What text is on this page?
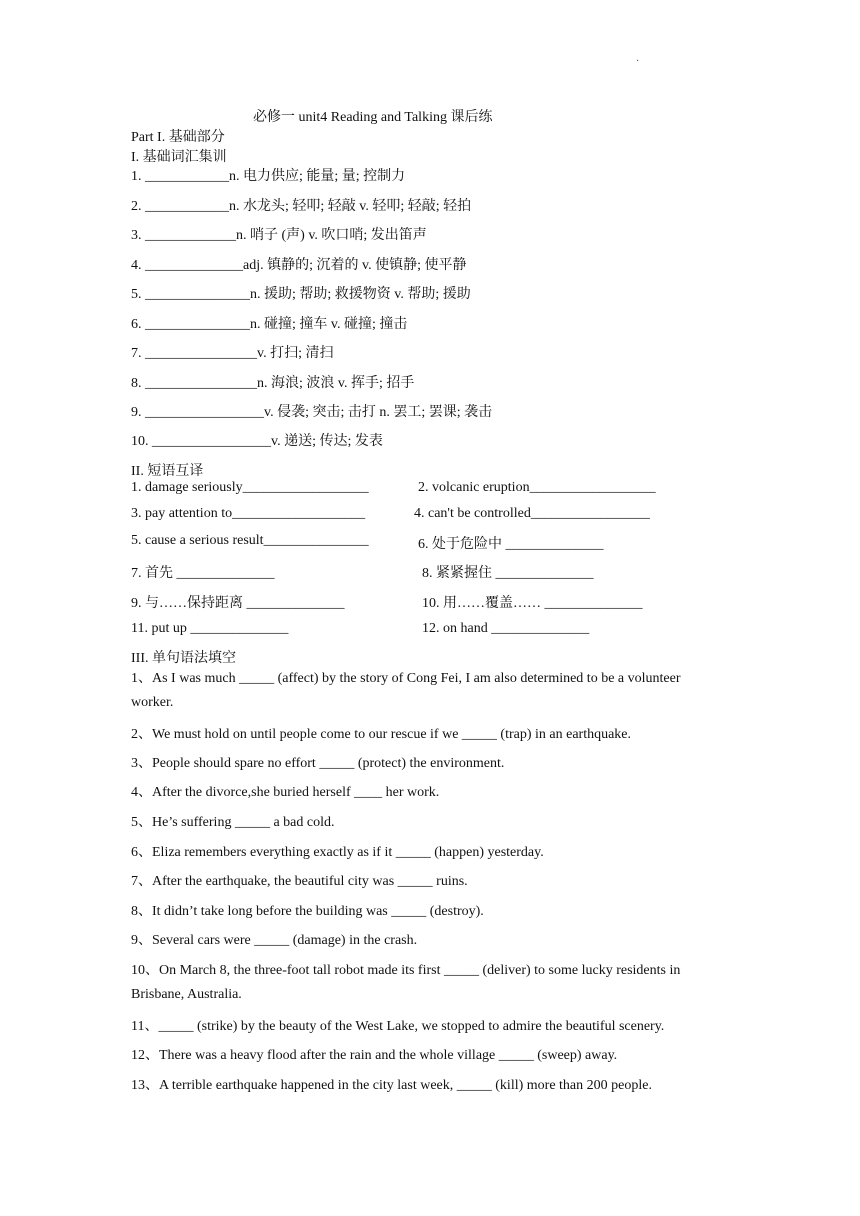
·
必修一 unit4 Reading and Talking 课后练
Part I. 基础部分
I. 基础词汇集训
1. ____________n. 电力供应; 能量; 量; 控制力
2. ____________n. 水龙头; 轻叩; 轻敲 v. 轻叩; 轻敲; 轻拍
3. _____________n. 哨子 (声) v. 吹口哨; 发出笛声
4. ______________adj. 镇静的; 沉着的 v. 使镇静; 使平静
5. _______________n. 援助; 帮助; 救援物资 v. 帮助; 援助
6. _______________n. 碰撞; 撞车 v. 碰撞; 撞击
7. ________________v. 打扫; 清扫
8. ________________n. 海浪; 波浪 v. 挥手; 招手
9. _________________v. 侵袭; 突击; 击打 n. 罢工; 罢课; 袭击
10. _________________v. 递送; 传达; 发表
II. 短语互译
1. damage seriously__________________	2. volcanic eruption__________________
3. pay attention to___________________	4. can't be controlled_________________
5. cause a serious result_______________	6. 处于危险中 ______________
7. 首先 ______________	8. 紧紧握住 ______________
9. 与……保持距离 ______________	10. 用……覆盖…… ______________
11. put up ______________	12. on hand ______________
III. 单句语法填空
1、As I was much _____ (affect) by the story of Cong Fei, I am also determined to be a volunteer
worker.
2、We must hold on until people come to our rescue if we _____ (trap) in an earthquake.
3、People should spare no effort _____ (protect) the environment.
4、After the divorce,she buried herself ____ her work.
5、He’s suffering _____ a bad cold.
6、Eliza remembers everything exactly as if it _____ (happen) yesterday.
7、After the earthquake, the beautiful city was _____ ruins.
8、It didn’t take long before the building was _____ (destroy).
9、Several cars were _____ (damage) in the crash.
10、On March 8, the three-foot tall robot made its first _____ (deliver) to some lucky residents in
Brisbane, Australia.
11、_____ (strike) by the beauty of the West Lake, we stopped to admire the beautiful scenery.
12、There was a heavy flood after the rain and the whole village _____ (sweep) away.
13、A terrible earthquake happened in the city last week, _____ (kill) more than 200 people.
